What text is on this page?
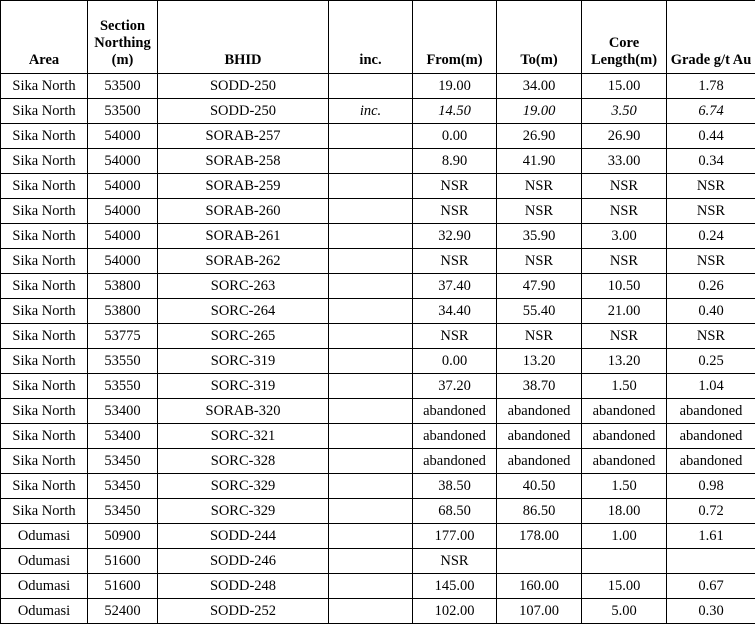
Area	Section Northing (m)	BHID	inc.	From(m)	To(m)	Core Length(m)	Grade g/t Au
Sika North	53500	SODD-250		19.00	34.00	15.00	1.78
Sika North	53500	SODD-250	inc.	14.50	19.00	3.50	6.74
Sika North	54000	SORAB-257		0.00	26.90	26.90	0.44
Sika North	54000	SORAB-258		8.90	41.90	33.00	0.34
Sika North	54000	SORAB-259		NSR	NSR	NSR	NSR
Sika North	54000	SORAB-260		NSR	NSR	NSR	NSR
Sika North	54000	SORAB-261		32.90	35.90	3.00	0.24
Sika North	54000	SORAB-262		NSR	NSR	NSR	NSR
Sika North	53800	SORC-263		37.40	47.90	10.50	0.26
Sika North	53800	SORC-264		34.40	55.40	21.00	0.40
Sika North	53775	SORC-265		NSR	NSR	NSR	NSR
Sika North	53550	SORC-319		0.00	13.20	13.20	0.25
Sika North	53550	SORC-319		37.20	38.70	1.50	1.04
Sika North	53400	SORAB-320		abandoned	abandoned	abandoned	abandoned
Sika North	53400	SORC-321		abandoned	abandoned	abandoned	abandoned
Sika North	53450	SORC-328		abandoned	abandoned	abandoned	abandoned
Sika North	53450	SORC-329		38.50	40.50	1.50	0.98
Sika North	53450	SORC-329		68.50	86.50	18.00	0.72
Odumasi	50900	SODD-244		177.00	178.00	1.00	1.61
Odumasi	51600	SODD-246		NSR			
Odumasi	51600	SODD-248		145.00	160.00	15.00	0.67
Odumasi	52400	SODD-252		102.00	107.00	5.00	0.30
